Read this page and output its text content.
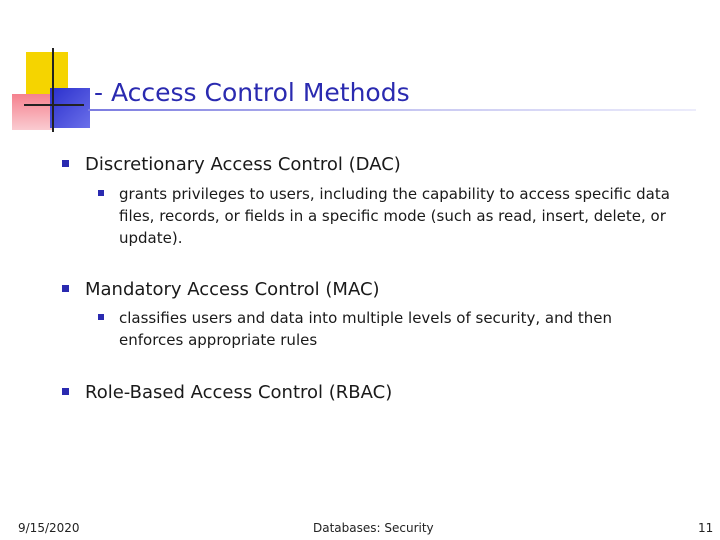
- Access Control Methods
Discretionary Access Control (DAC)
grants privileges to users, including the capability to access specific data files, records, or fields in a specific mode (such as read, insert, delete, or update).
Mandatory Access Control (MAC)
classifies users and data into multiple levels of security, and then enforces appropriate rules
Role-Based Access Control (RBAC)
9/15/2020	Databases: Security	11
